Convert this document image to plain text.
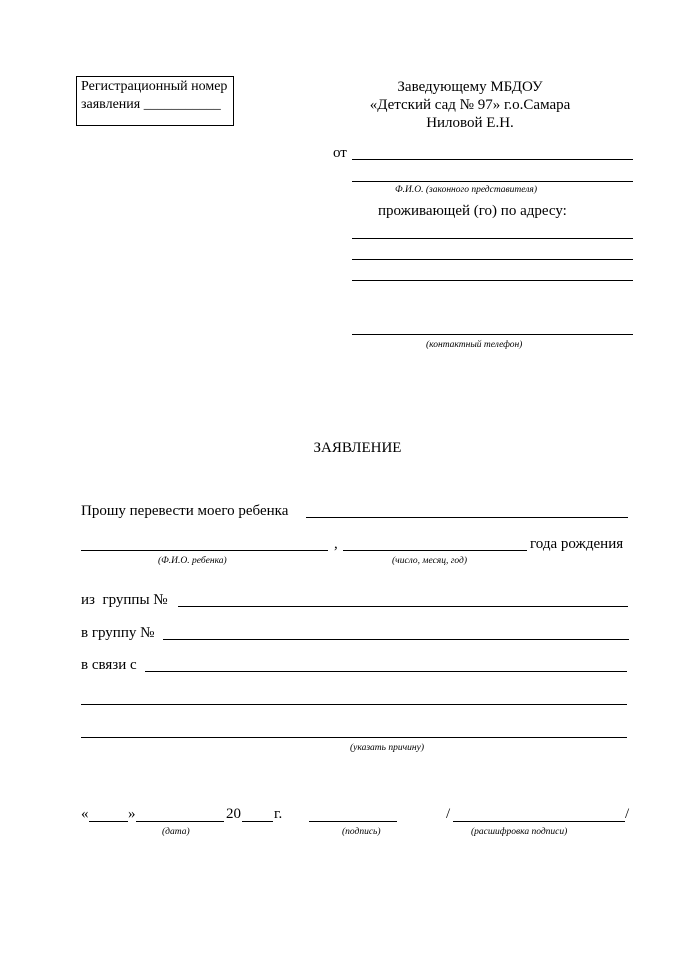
Регистрационный номер
заявления ___________
Заведующему МБДОУ
«Детский сад № 97» г.о.Самара
Ниловой Е.Н.
от
Ф.И.О. (законного представителя)
проживающей (го) по адресу:
(контактный телефон)
ЗАЯВЛЕНИЕ
Прошу перевести моего ребенка
,	года рождения
(Ф.И.О. ребенка)	(число, месяц, год)
из  группы №
в группу №
в связи с
(указать причину)
«	»	20 г.	/	/
(дата)	(подпись)	(расшифровка подписи)
